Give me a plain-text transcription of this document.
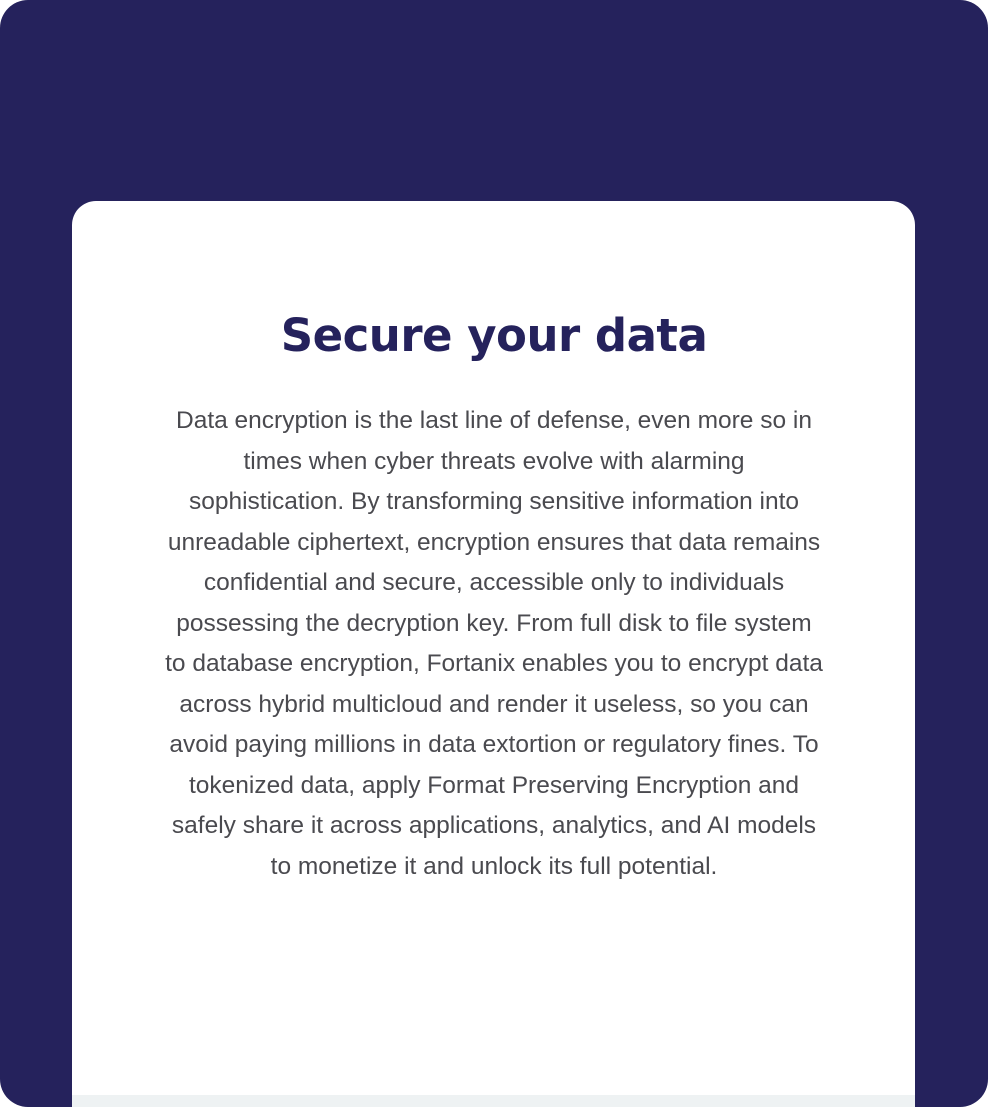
Secure your data

Data encryption is the last line of defense, even more so in times when cyber threats evolve with alarming sophistication. By transforming sensitive information into unreadable ciphertext, encryption ensures that data remains confidential and secure, accessible only to individuals possessing the decryption key. From full disk to file system to database encryption, Fortanix enables you to encrypt data across hybrid multicloud and render it useless, so you can avoid paying millions in data extortion or regulatory fines. To tokenized data, apply Format Preserving Encryption and safely share it across applications, analytics, and AI models to monetize it and unlock its full potential.
